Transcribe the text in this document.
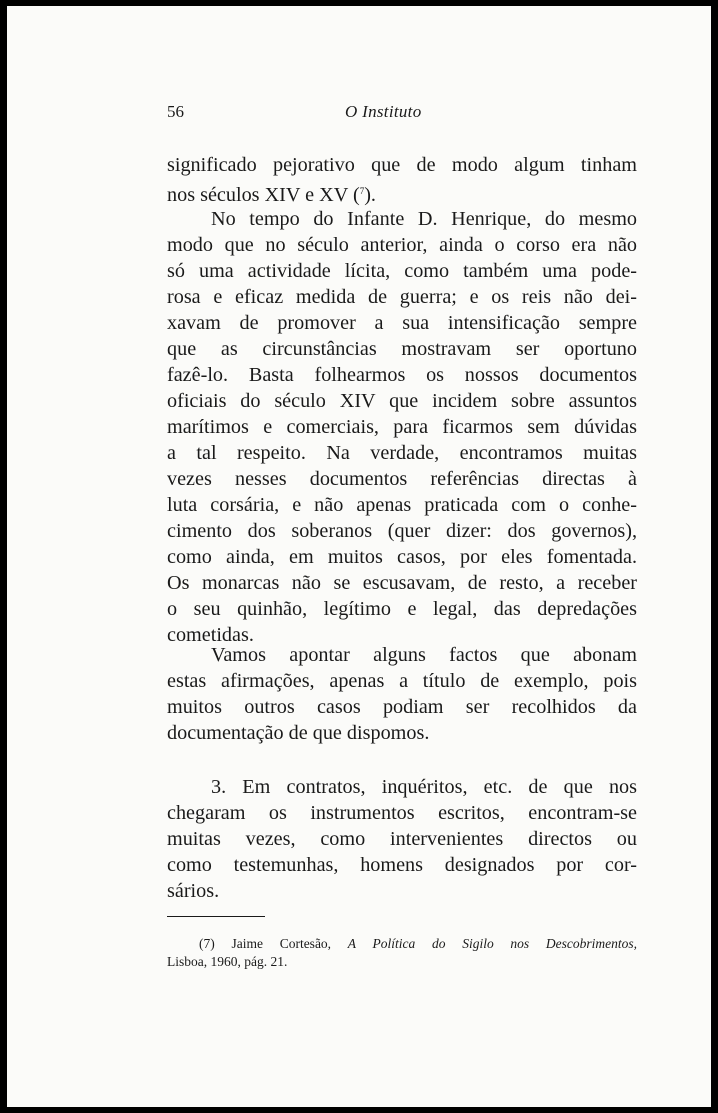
56	O Instituto
significado pejorativo que de modo algum tinham
nos séculos XIV e XV ($^7$).
No tempo do Infante D. Henrique, do mesmo
modo que no século anterior, ainda o corso era não
só uma actividade lícita, como também uma pode-
rosa e eficaz medida de guerra; e os reis não dei-
xavam de promover a sua intensificação sempre
que as circunstâncias mostravam ser oportuno
fazê-lo. Basta folhearmos os nossos documentos
oficiais do século XIV que incidem sobre assuntos
marítimos e comerciais, para ficarmos sem dúvidas
a tal respeito. Na verdade, encontramos muitas
vezes nesses documentos referências directas à
luta corsária, e não apenas praticada com o conhe-
cimento dos soberanos (quer dizer: dos governos),
como ainda, em muitos casos, por eles fomentada.
Os monarcas não se escusavam, de resto, a receber
o seu quinhão, legítimo e legal, das depredações
cometidas.
Vamos apontar alguns factos que abonam
estas afirmações, apenas a título de exemplo, pois
muitos outros casos podiam ser recolhidos da
documentação de que dispomos.
3. Em contratos, inquéritos, etc. de que nos
chegaram os instrumentos escritos, encontram-se
muitas vezes, como intervenientes directos ou
como testemunhas, homens designados por cor-
sários.
(7) Jaime Cortesão, A Política do Sigilo nos Descobrimentos,
Lisboa, 1960, pág. 21.
